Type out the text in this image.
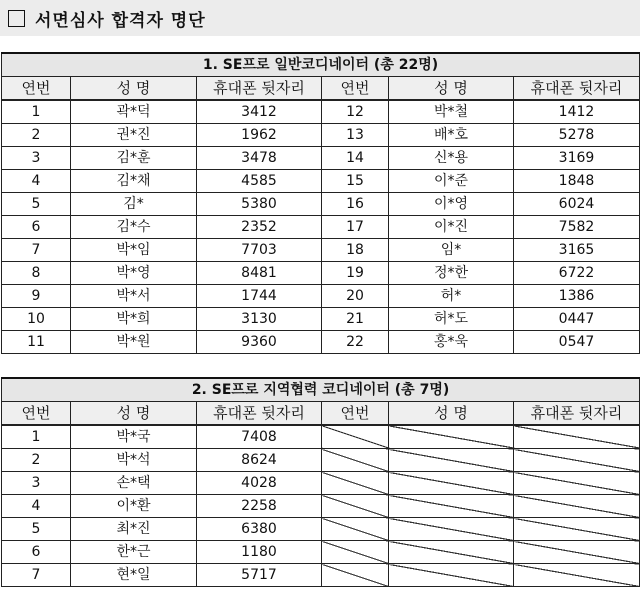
서면심사 합격자 명단
1. SE프로 일반코디네이터 (총 22명)					
연번	성 명	휴대폰 뒷자리	연번	성 명	휴대폰 뒷자리
1	곽*덕	3412	12	박*철	1412
2	권*진	1962	13	배*호	5278
3	김*훈	3478	14	신*용	3169
4	김*채	4585	15	이*준	1848
5	김*	5380	16	이*영	6024
6	김*수	2352	17	이*진	7582
7	박*임	7703	18	임*	3165
8	박*영	8481	19	정*한	6722
9	박*서	1744	20	허*	1386
10	박*희	3130	21	허*도	0447
11	박*원	9360	22	홍*욱	0547
2. SE프로 지역협력 코디네이터 (총 7명)					
연번	성 명	휴대폰 뒷자리	연번	성 명	휴대폰 뒷자리
1	박*국	7408			
2	박*석	8624			
3	손*택	4028			
4	이*환	2258			
5	최*진	6380			
6	한*근	1180			
7	현*일	5717			
